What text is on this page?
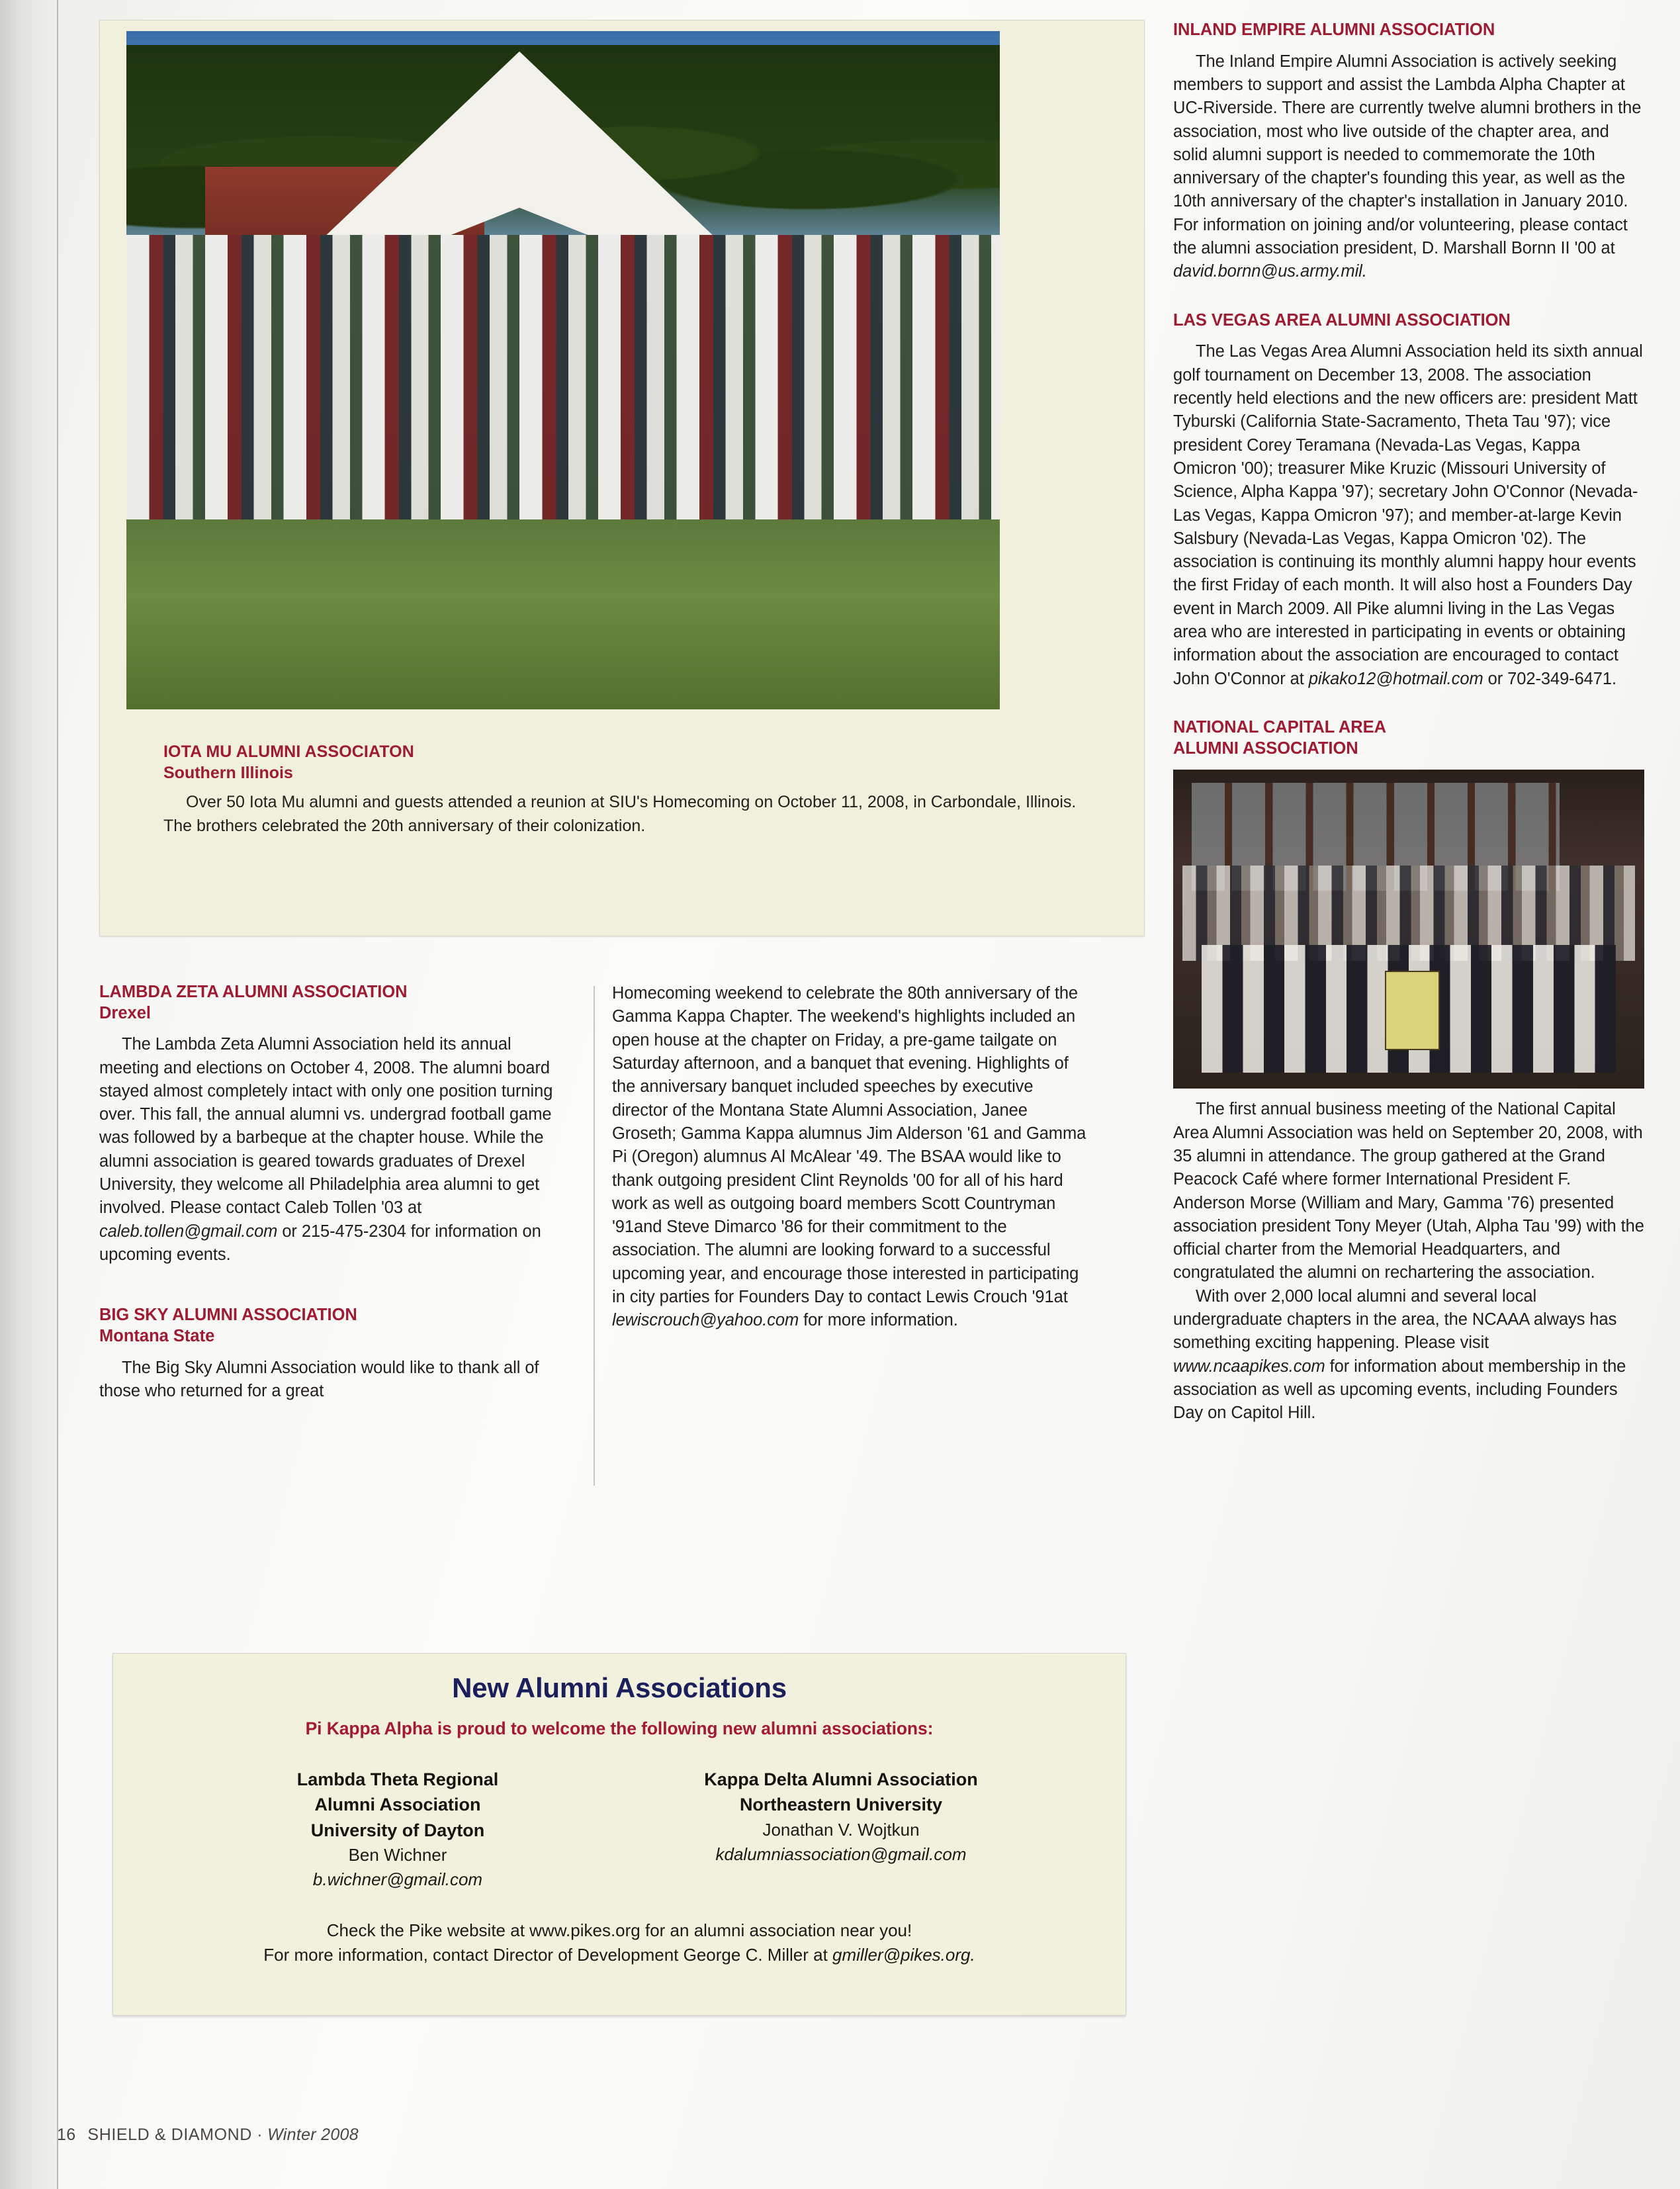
IOTA MU ALUMNI ASSOCIATON
Southern Illinois
Over 50 Iota Mu alumni and guests attended a reunion at SIU's Homecoming on October 11, 2008, in Carbondale, Illinois. The brothers celebrated the 20th anniversary of their colonization.
LAMBDA ZETA ALUMNI ASSOCIATION
Drexel

The Lambda Zeta Alumni Association held its annual meeting and elections on October 4, 2008. The alumni board stayed almost completely intact with only one position turning over. This fall, the annual alumni vs. undergrad football game was followed by a barbeque at the chapter house. While the alumni association is geared towards graduates of Drexel University, they welcome all Philadelphia area alumni to get involved. Please contact Caleb Tollen '03 at caleb.tollen@gmail.com or 215-475-2304 for information on upcoming events.

BIG SKY ALUMNI ASSOCIATION
Montana State

The Big Sky Alumni Association would like to thank all of those who returned for a great

Homecoming weekend to celebrate the 80th anniversary of the Gamma Kappa Chapter. The weekend's highlights included an open house at the chapter on Friday, a pre-game tailgate on Saturday afternoon, and a banquet that evening. Highlights of the anniversary banquet included speeches by executive director of the Montana State Alumni Association, Janee Groseth; Gamma Kappa alumnus Jim Alderson '61 and Gamma Pi (Oregon) alumnus Al McAlear '49. The BSAA would like to thank outgoing president Clint Reynolds '00 for all of his hard work as well as outgoing board members Scott Countryman '91and Steve Dimarco '86 for their commitment to the association. The alumni are looking forward to a successful upcoming year, and encourage those interested in participating in city parties for Founders Day to contact Lewis Crouch '91at lewiscrouch@yahoo.com for more information.

INLAND EMPIRE ALUMNI ASSOCIATION

The Inland Empire Alumni Association is actively seeking members to support and assist the Lambda Alpha Chapter at UC-Riverside. There are currently twelve alumni brothers in the association, most who live outside of the chapter area, and solid alumni support is needed to commemorate the 10th anniversary of the chapter's founding this year, as well as the 10th anniversary of the chapter's installation in January 2010. For information on joining and/or volunteering, please contact the alumni association president, D. Marshall Bornn II '00 at david.bornn@us.army.mil.

LAS VEGAS AREA ALUMNI ASSOCIATION

The Las Vegas Area Alumni Association held its sixth annual golf tournament on December 13, 2008. The association recently held elections and the new officers are: president Matt Tyburski (California State-Sacramento, Theta Tau '97); vice president Corey Teramana (Nevada-Las Vegas, Kappa Omicron '00); treasurer Mike Kruzic (Missouri University of Science, Alpha Kappa '97); secretary John O'Connor (Nevada-Las Vegas, Kappa Omicron '97); and member-at-large Kevin Salsbury (Nevada-Las Vegas, Kappa Omicron '02). The association is continuing its monthly alumni happy hour events the first Friday of each month. It will also host a Founders Day event in March 2009. All Pike alumni living in the Las Vegas area who are interested in participating in events or obtaining information about the association are encouraged to contact John O'Connor at pikako12@hotmail.com or 702-349-6471.

NATIONAL CAPITAL AREA
ALUMNI ASSOCIATION

The first annual business meeting of the National Capital Area Alumni Association was held on September 20, 2008, with 35 alumni in attendance. The group gathered at the Grand Peacock Café where former International President F. Anderson Morse (William and Mary, Gamma '76) presented association president Tony Meyer (Utah, Alpha Tau '99) with the official charter from the Memorial Headquarters, and congratulated the alumni on rechartering the association.

With over 2,000 local alumni and several local undergraduate chapters in the area, the NCAAA always has something exciting happening. Please visit www.ncaapikes.com for information about membership in the association as well as upcoming events, including Founders Day on Capitol Hill.

New Alumni Associations
Pi Kappa Alpha is proud to welcome the following new alumni associations:
Lambda Theta Regional
Alumni Association
University of Dayton
Ben Wichner
b.wichner@gmail.com
Kappa Delta Alumni Association
Northeastern University
Jonathan V. Wojtkun
kdalumniassociation@gmail.com
Check the Pike website at www.pikes.org for an alumni association near you!
For more information, contact Director of Development George C. Miller at gmiller@pikes.org.
16 SHIELD & DIAMOND · Winter 2008
